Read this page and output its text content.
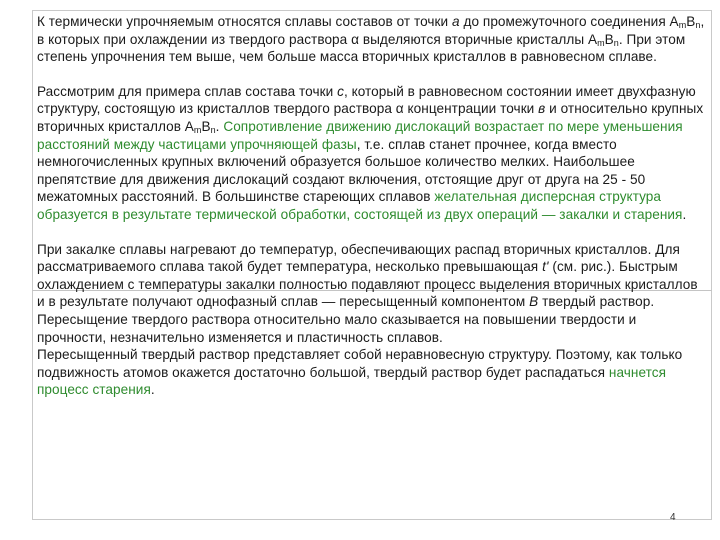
К термически упрочняемым относятся сплавы составов от точки а до промежуточного соединения $A_mB_n$, в которых при охлаждении из твердого раствора α выделяются вторичные кристаллы $A_mB_n$. При этом степень упрочнения тем выше, чем больше масса вторичных кристаллов в равновесном сплаве.

Рассмотрим для примера сплав состава точки с, который в равновесном состоянии имеет двухфазную структуру, состоящую из кристаллов твердого раствора α концентрации точки в и относительно крупных вторичных кристаллов $A_mB_n$. Сопротивление движению дислокаций возрастает по мере уменьшения расстояний между частицами упрочняющей фазы, т.е. сплав станет прочнее, когда вместо немногочисленных крупных включений образуется большое количество мелких. Наибольшее препятствие для движения дислокаций создают включения, отстоящие друг от друга на 25 - 50 межатомных расстояний. В большинстве стареющих сплавов желательная дисперсная структура образуется в результате термической обработки, состоящей из двух операций — закалки и старения.

При закалке сплавы нагревают до температур, обеспечивающих распад вторичных кристаллов. Для рассматриваемого сплава такой будет температура, несколько превышающая t' (см. рис.). Быстрым охлаждением с температуры закалки полностью подавляют процесс выделения вторичных кристаллов и в результате получают однофазный сплав — пересыщенный компонентом B твердый раствор. Пересыщение твердого раствора относительно мало сказывается на повышении твердости и прочности, незначительно изменяется и пластичность сплавов.

Пересыщенный твердый раствор представляет собой неравновесную структуру. Поэтому, как только подвижность атомов окажется достаточно большой, твердый раствор будет распадаться начнется процесс старения.

4
